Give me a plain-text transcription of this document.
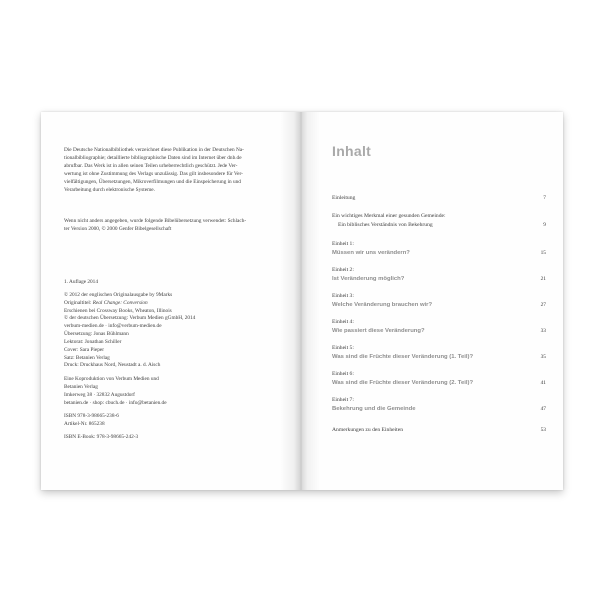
Die Deutsche Nationalbibliothek verzeichnet diese Publikation in der Deutschen Na-

tionalbibliographie; detaillierte bibliographische Daten sind im Internet über dnb.de

abrufbar. Das Werk ist in allen seinen Teilen urheberrechtlich geschützt. Jede Ver-

wertung ist ohne Zustimmung des Verlags unzulässig. Das gilt insbesondere für Ver-

vielfältigungen, Übersetzungen, Mikroverfilmungen und die Einspeicherung in und

Verarbeitung durch elektronische Systeme.

Wenn nicht anders angegeben, wurde folgende Bibelübersetzung verwendet: Schlach-

ter Version 2000, © 2000 Genfer Bibelgesellschaft

1. Auflage 2014

© 2012 der englischen Originalausgabe by 9Marks

Originaltitel: Real Change: Conversion

Erschienen bei Crossway Books, Wheaton, Illinois

© der deutschen Übersetzung: Verbum Medien gGmbH, 2014

verbum-medien.de · info@verbum-medien.de

Übersetzung: Jonas Bühlmann

Lektorat: Jonathan Schiller

Cover: Sara Pieper

Satz: Betanien Verlag

Druck: Druckhaus Nord, Neustadt a. d. Aisch

Eine Koproduktion von Verbum Medien und

Betanien Verlag

Imkerweg 38 · 32832 Augustdorf

betanien.de · shop: cbuch.de · info@betanien.de

ISBN 978-3-98665-238-6

Artikel-Nr. 865238

ISBN E-Book: 978-3-98665-242-3

Inhalt
Einleitung	7
Ein wichtiges Merkmal einer gesunden Gemeinde:
Ein biblisches Verständnis von Bekehrung	9
Einheit 1:
Müssen wir uns verändern?	15
Einheit 2:
Ist Veränderung möglich?	21
Einheit 3:
Welche Veränderung brauchen wir?	27
Einheit 4:
Wie passiert diese Veränderung?	33
Einheit 5:
Was sind die Früchte dieser Veränderung (1. Teil)?	35
Einheit 6:
Was sind die Früchte dieser Veränderung (2. Teil)?	41
Einheit 7:
Bekehrung und die Gemeinde	47
Anmerkungen zu den Einheiten	53
